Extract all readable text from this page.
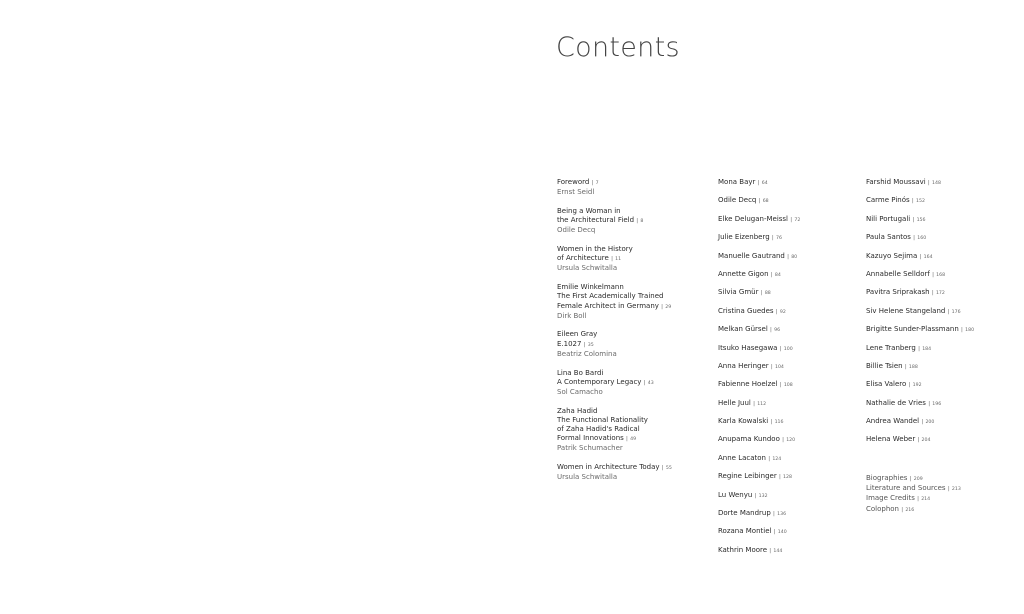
Contents
Foreword | 7

Ernst Seidl
Being a Woman in
the Architectural Field | 8

Odile Decq
Women in the History
of Architecture | 11

Ursula Schwitalla
Emilie Winkelmann
The First Academically Trained
Female Architect in Germany | 29

Dirk Boll
Eileen Gray
E.1027 | 35

Beatriz Colomina
Lina Bo Bardi
A Contemporary Legacy | 43

Sol Camacho
Zaha Hadid
The Functional Rationality
of Zaha Hadid's Radical
Formal Innovations | 49

Patrik Schumacher
Women in Architecture Today | 55

Ursula Schwitalla
Mona Bayr | 64
Odile Decq | 68
Elke Delugan-Meissl | 72
Julie Eizenberg | 76
Manuelle Gautrand | 80
Annette Gigon | 84
Silvia Gmür | 88
Cristina Guedes | 92
Melkan Gürsel | 96
Itsuko Hasegawa | 100
Anna Heringer | 104
Fabienne Hoelzel | 108
Helle Juul | 112
Karla Kowalski | 116
Anupama Kundoo | 120
Anne Lacaton | 124
Regine Leibinger | 128
Lu Wenyu | 132
Dorte Mandrup | 136
Rozana Montiel | 140
Kathrin Moore | 144
Farshid Moussavi | 148
Carme Pinós | 152
Nili Portugali | 156
Paula Santos | 160
Kazuyo Sejima | 164
Annabelle Selldorf | 168
Pavitra Sriprakash | 172
Siv Helene Stangeland | 176
Brigitte Sunder-Plassmann | 180
Lene Tranberg | 184
Billie Tsien | 188
Elisa Valero | 192
Nathalie de Vries | 196
Andrea Wandel | 200
Helena Weber | 204
Biographies | 209
Literature and Sources | 213
Image Credits | 214
Colophon | 216
